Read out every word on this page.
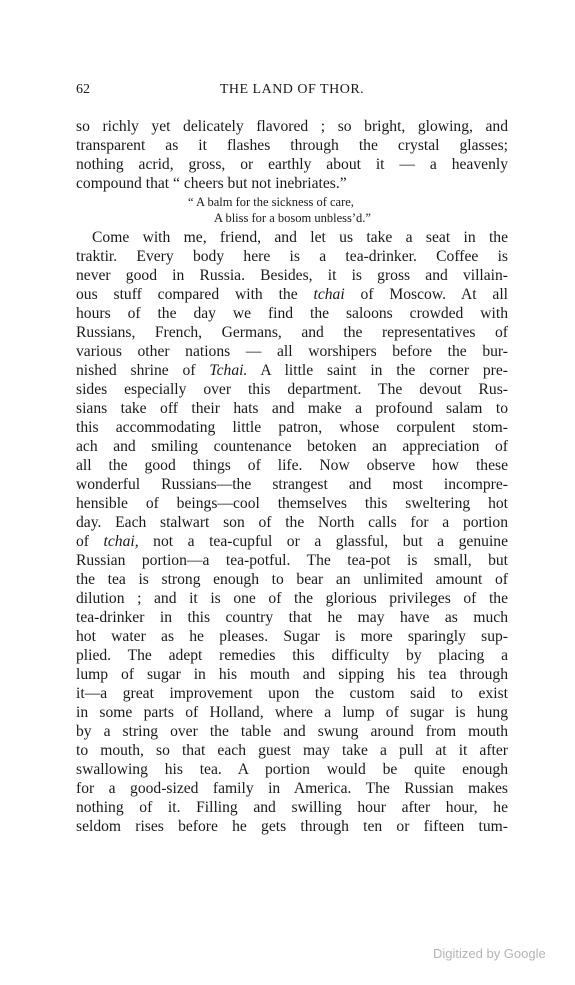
62	THE LAND OF THOR.
so richly yet delicately flavored ; so bright, glowing, and
transparent as it flashes through the crystal glasses;
nothing acrid, gross, or earthly about it — a heavenly
compound that “ cheers but not inebriates.”
“ A balm for the sickness of care,
A bliss for a bosom unbless’d.”
Come with me, friend, and let us take a seat in the
traktir. Every body here is a tea-drinker. Coffee is
never good in Russia. Besides, it is gross and villain-
ous stuff compared with the tchai of Moscow. At all
hours of the day we find the saloons crowded with
Russians, French, Germans, and the representatives of
various other nations — all worshipers before the bur-
nished shrine of Tchai. A little saint in the corner pre-
sides especially over this department. The devout Rus-
sians take off their hats and make a profound salam to
this accommodating little patron, whose corpulent stom-
ach and smiling countenance betoken an appreciation of
all the good things of life. Now observe how these
wonderful Russians—the strangest and most incompre-
hensible of beings—cool themselves this sweltering hot
day. Each stalwart son of the North calls for a portion
of tchai, not a tea-cupful or a glassful, but a genuine
Russian portion—a tea-potful. The tea-pot is small, but
the tea is strong enough to bear an unlimited amount of
dilution ; and it is one of the glorious privileges of the
tea-drinker in this country that he may have as much
hot water as he pleases. Sugar is more sparingly sup-
plied. The adept remedies this difficulty by placing a
lump of sugar in his mouth and sipping his tea through
it—a great improvement upon the custom said to exist
in some parts of Holland, where a lump of sugar is hung
by a string over the table and swung around from mouth
to mouth, so that each guest may take a pull at it after
swallowing his tea. A portion would be quite enough
for a good-sized family in America. The Russian makes
nothing of it. Filling and swilling hour after hour, he
seldom rises before he gets through ten or fifteen tum-
Digitized by Google
